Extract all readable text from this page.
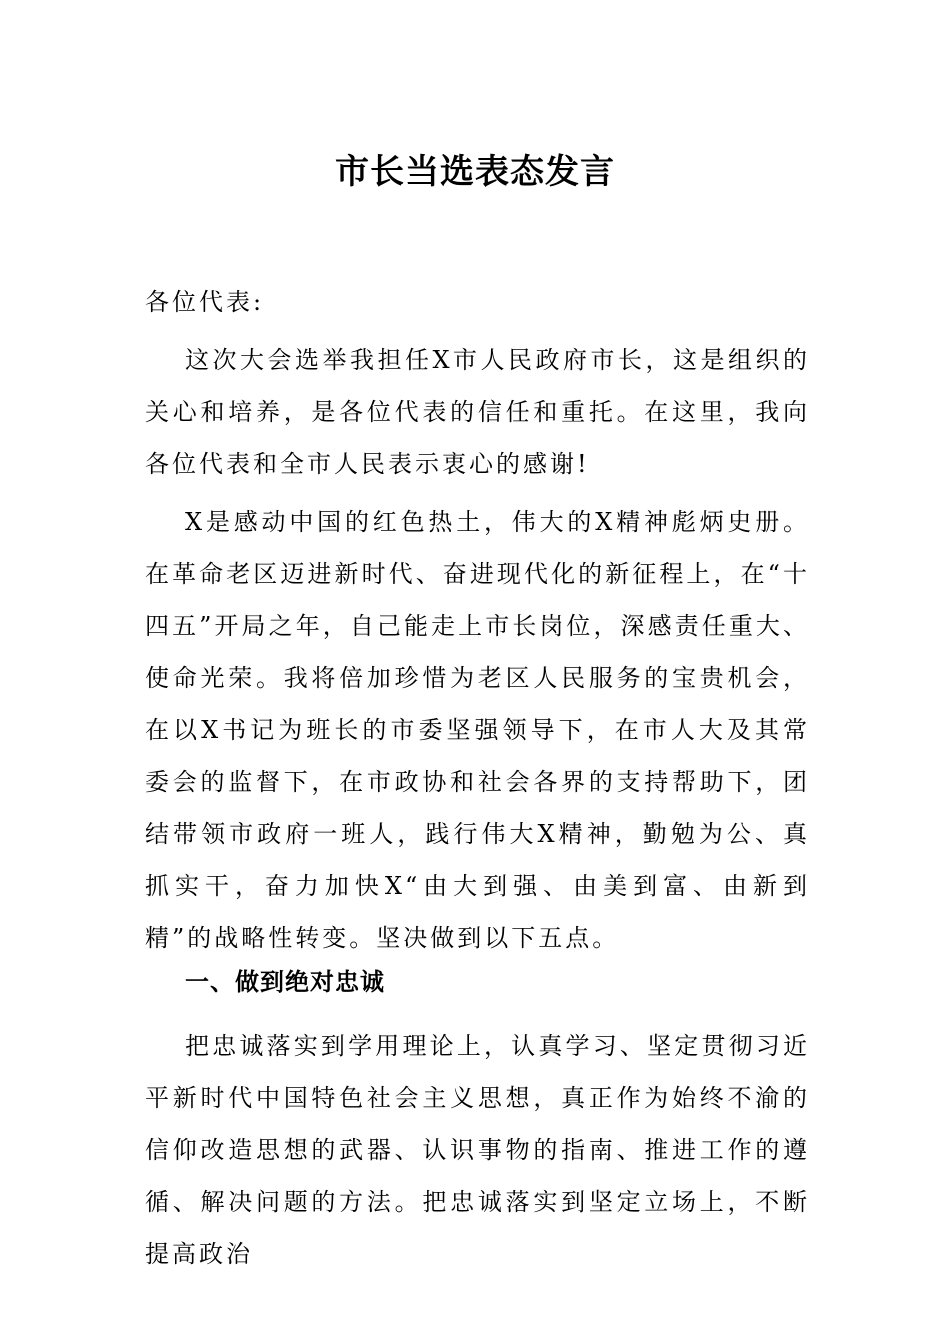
市长当选表态发言
各位代表:
这次大会选举我担任X市人民政府市长，这是组织的关心和培养，是各位代表的信任和重托。在这里，我向各位代表和全市人民表示衷心的感谢!
X是感动中国的红色热土，伟大的X精神彪炳史册。在革命老区迈进新时代、奋进现代化的新征程上，在“十四五”开局之年，自己能走上市长岗位，深感责任重大、使命光荣。我将倍加珍惜为老区人民服务的宝贵机会，在以X书记为班长的市委坚强领导下，在市人大及其常委会的监督下，在市政协和社会各界的支持帮助下，团结带领市政府一班人，践行伟大X精神，勤勉为公、真抓实干，奋力加快X“由大到强、由美到富、由新到精”的战略性转变。坚决做到以下五点。
一、做到绝对忠诚
把忠诚落实到学用理论上，认真学习、坚定贯彻习近平新时代中国特色社会主义思想，真正作为始终不渝的信仰改造思想的武器、认识事物的指南、推进工作的遵循、解决问题的方法。把忠诚落实到坚定立场上，不断提高政治
